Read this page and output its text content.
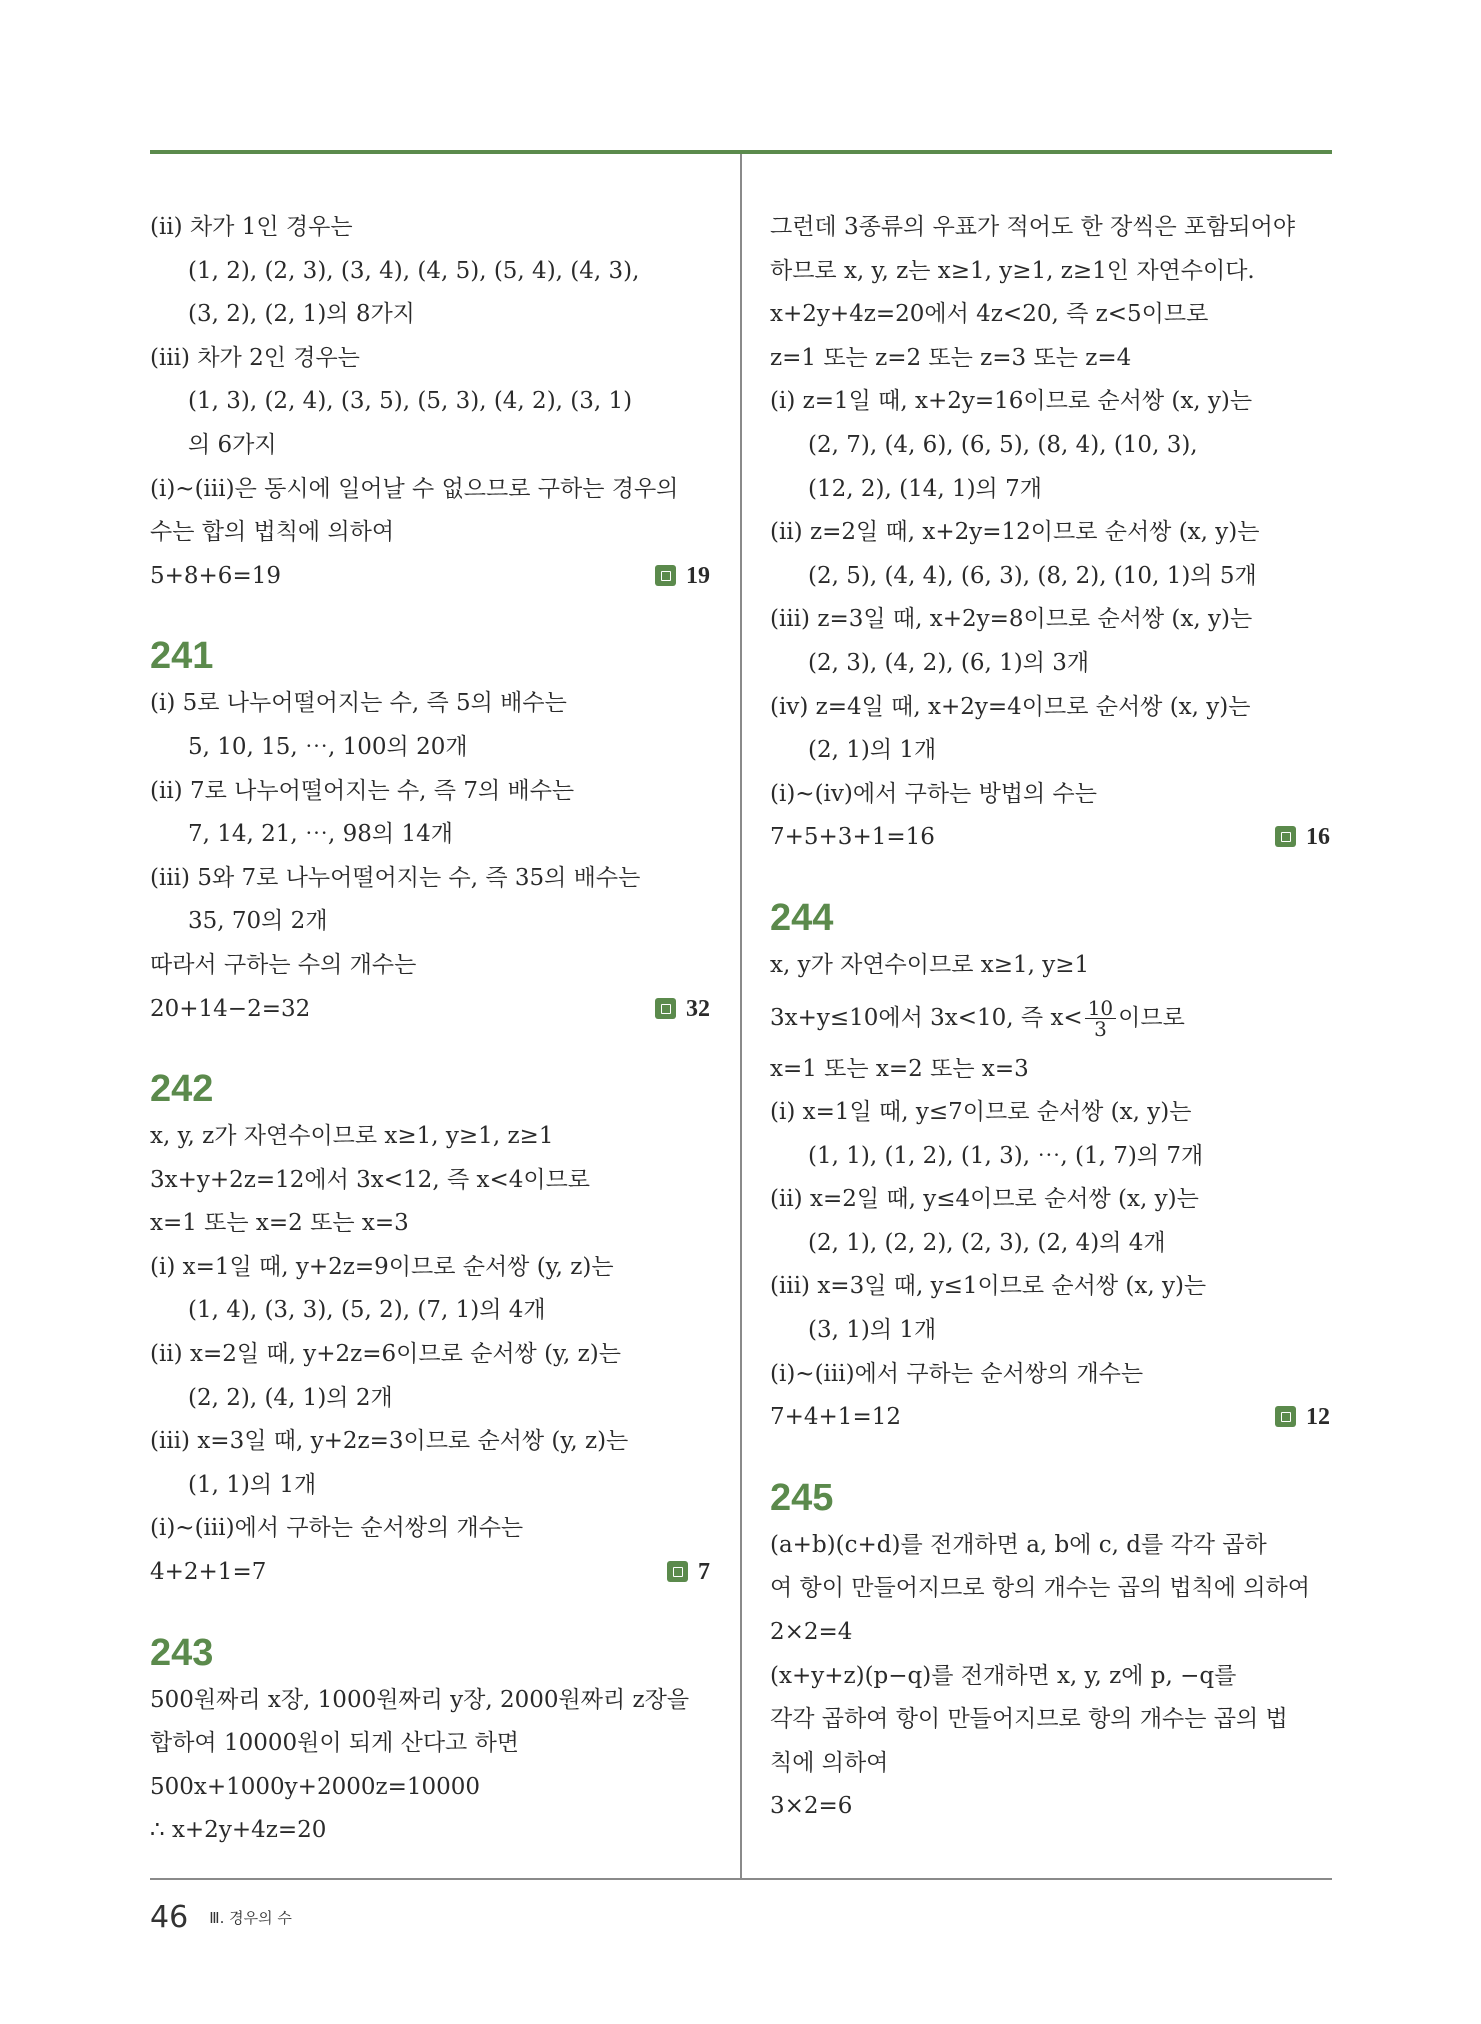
(ⅱ) 차가 1인 경우는
(1, 2), (2, 3), (3, 4), (4, 5), (5, 4), (4, 3),
(3, 2), (2, 1)의 8가지
(ⅲ) 차가 2인 경우는
(1, 3), (2, 4), (3, 5), (5, 3), (4, 2), (3, 1)
의 6가지
(ⅰ)~(ⅲ)은 동시에 일어날 수 없으므로 구하는 경우의
수는 합의 법칙에 의하여
5+8+6=19	19
241
(ⅰ) 5로 나누어떨어지는 수, 즉 5의 배수는
5, 10, 15, ⋯, 100의 20개
(ⅱ) 7로 나누어떨어지는 수, 즉 7의 배수는
7, 14, 21, ⋯, 98의 14개
(ⅲ) 5와 7로 나누어떨어지는 수, 즉 35의 배수는
35, 70의 2개
따라서 구하는 수의 개수는
20+14−2=32	32
242
x, y, z가 자연수이므로 x≥1, y≥1, z≥1
3x+y+2z=12에서 3x<12, 즉 x<4이므로
x=1 또는 x=2 또는 x=3
(ⅰ) x=1일 때, y+2z=9이므로 순서쌍 (y, z)는
(1, 4), (3, 3), (5, 2), (7, 1)의 4개
(ⅱ) x=2일 때, y+2z=6이므로 순서쌍 (y, z)는
(2, 2), (4, 1)의 2개
(ⅲ) x=3일 때, y+2z=3이므로 순서쌍 (y, z)는
(1, 1)의 1개
(ⅰ)~(ⅲ)에서 구하는 순서쌍의 개수는
4+2+1=7	7
243
500원짜리 x장, 1000원짜리 y장, 2000원짜리 z장을
합하여 10000원이 되게 산다고 하면
500x+1000y+2000z=10000
∴ x+2y+4z=20
그런데 3종류의 우표가 적어도 한 장씩은 포함되어야
하므로 x, y, z는 x≥1, y≥1, z≥1인 자연수이다.
x+2y+4z=20에서 4z<20, 즉 z<5이므로
z=1 또는 z=2 또는 z=3 또는 z=4
(ⅰ) z=1일 때, x+2y=16이므로 순서쌍 (x, y)는
(2, 7), (4, 6), (6, 5), (8, 4), (10, 3),
(12, 2), (14, 1)의 7개
(ⅱ) z=2일 때, x+2y=12이므로 순서쌍 (x, y)는
(2, 5), (4, 4), (6, 3), (8, 2), (10, 1)의 5개
(ⅲ) z=3일 때, x+2y=8이므로 순서쌍 (x, y)는
(2, 3), (4, 2), (6, 1)의 3개
(ⅳ) z=4일 때, x+2y=4이므로 순서쌍 (x, y)는
(2, 1)의 1개
(ⅰ)~(ⅳ)에서 구하는 방법의 수는
7+5+3+1=16	16
244
x, y가 자연수이므로 x≥1, y≥1
3x+y≤10에서 3x<10, 즉 $x< \frac{10}{3}$ 이므로
x=1 또는 x=2 또는 x=3
(ⅰ) x=1일 때, y≤7이므로 순서쌍 (x, y)는
(1, 1), (1, 2), (1, 3), ⋯, (1, 7)의 7개
(ⅱ) x=2일 때, y≤4이므로 순서쌍 (x, y)는
(2, 1), (2, 2), (2, 3), (2, 4)의 4개
(ⅲ) x=3일 때, y≤1이므로 순서쌍 (x, y)는
(3, 1)의 1개
(ⅰ)~(ⅲ)에서 구하는 순서쌍의 개수는
7+4+1=12	12
245
(a+b)(c+d)를 전개하면 a, b에 c, d를 각각 곱하
여 항이 만들어지므로 항의 개수는 곱의 법칙에 의하여
2×2=4
(x+y+z)(p−q)를 전개하면 x, y, z에 p, −q를
각각 곱하여 항이 만들어지므로 항의 개수는 곱의 법
칙에 의하여
3×2=6
46 Ⅲ. 경우의 수
